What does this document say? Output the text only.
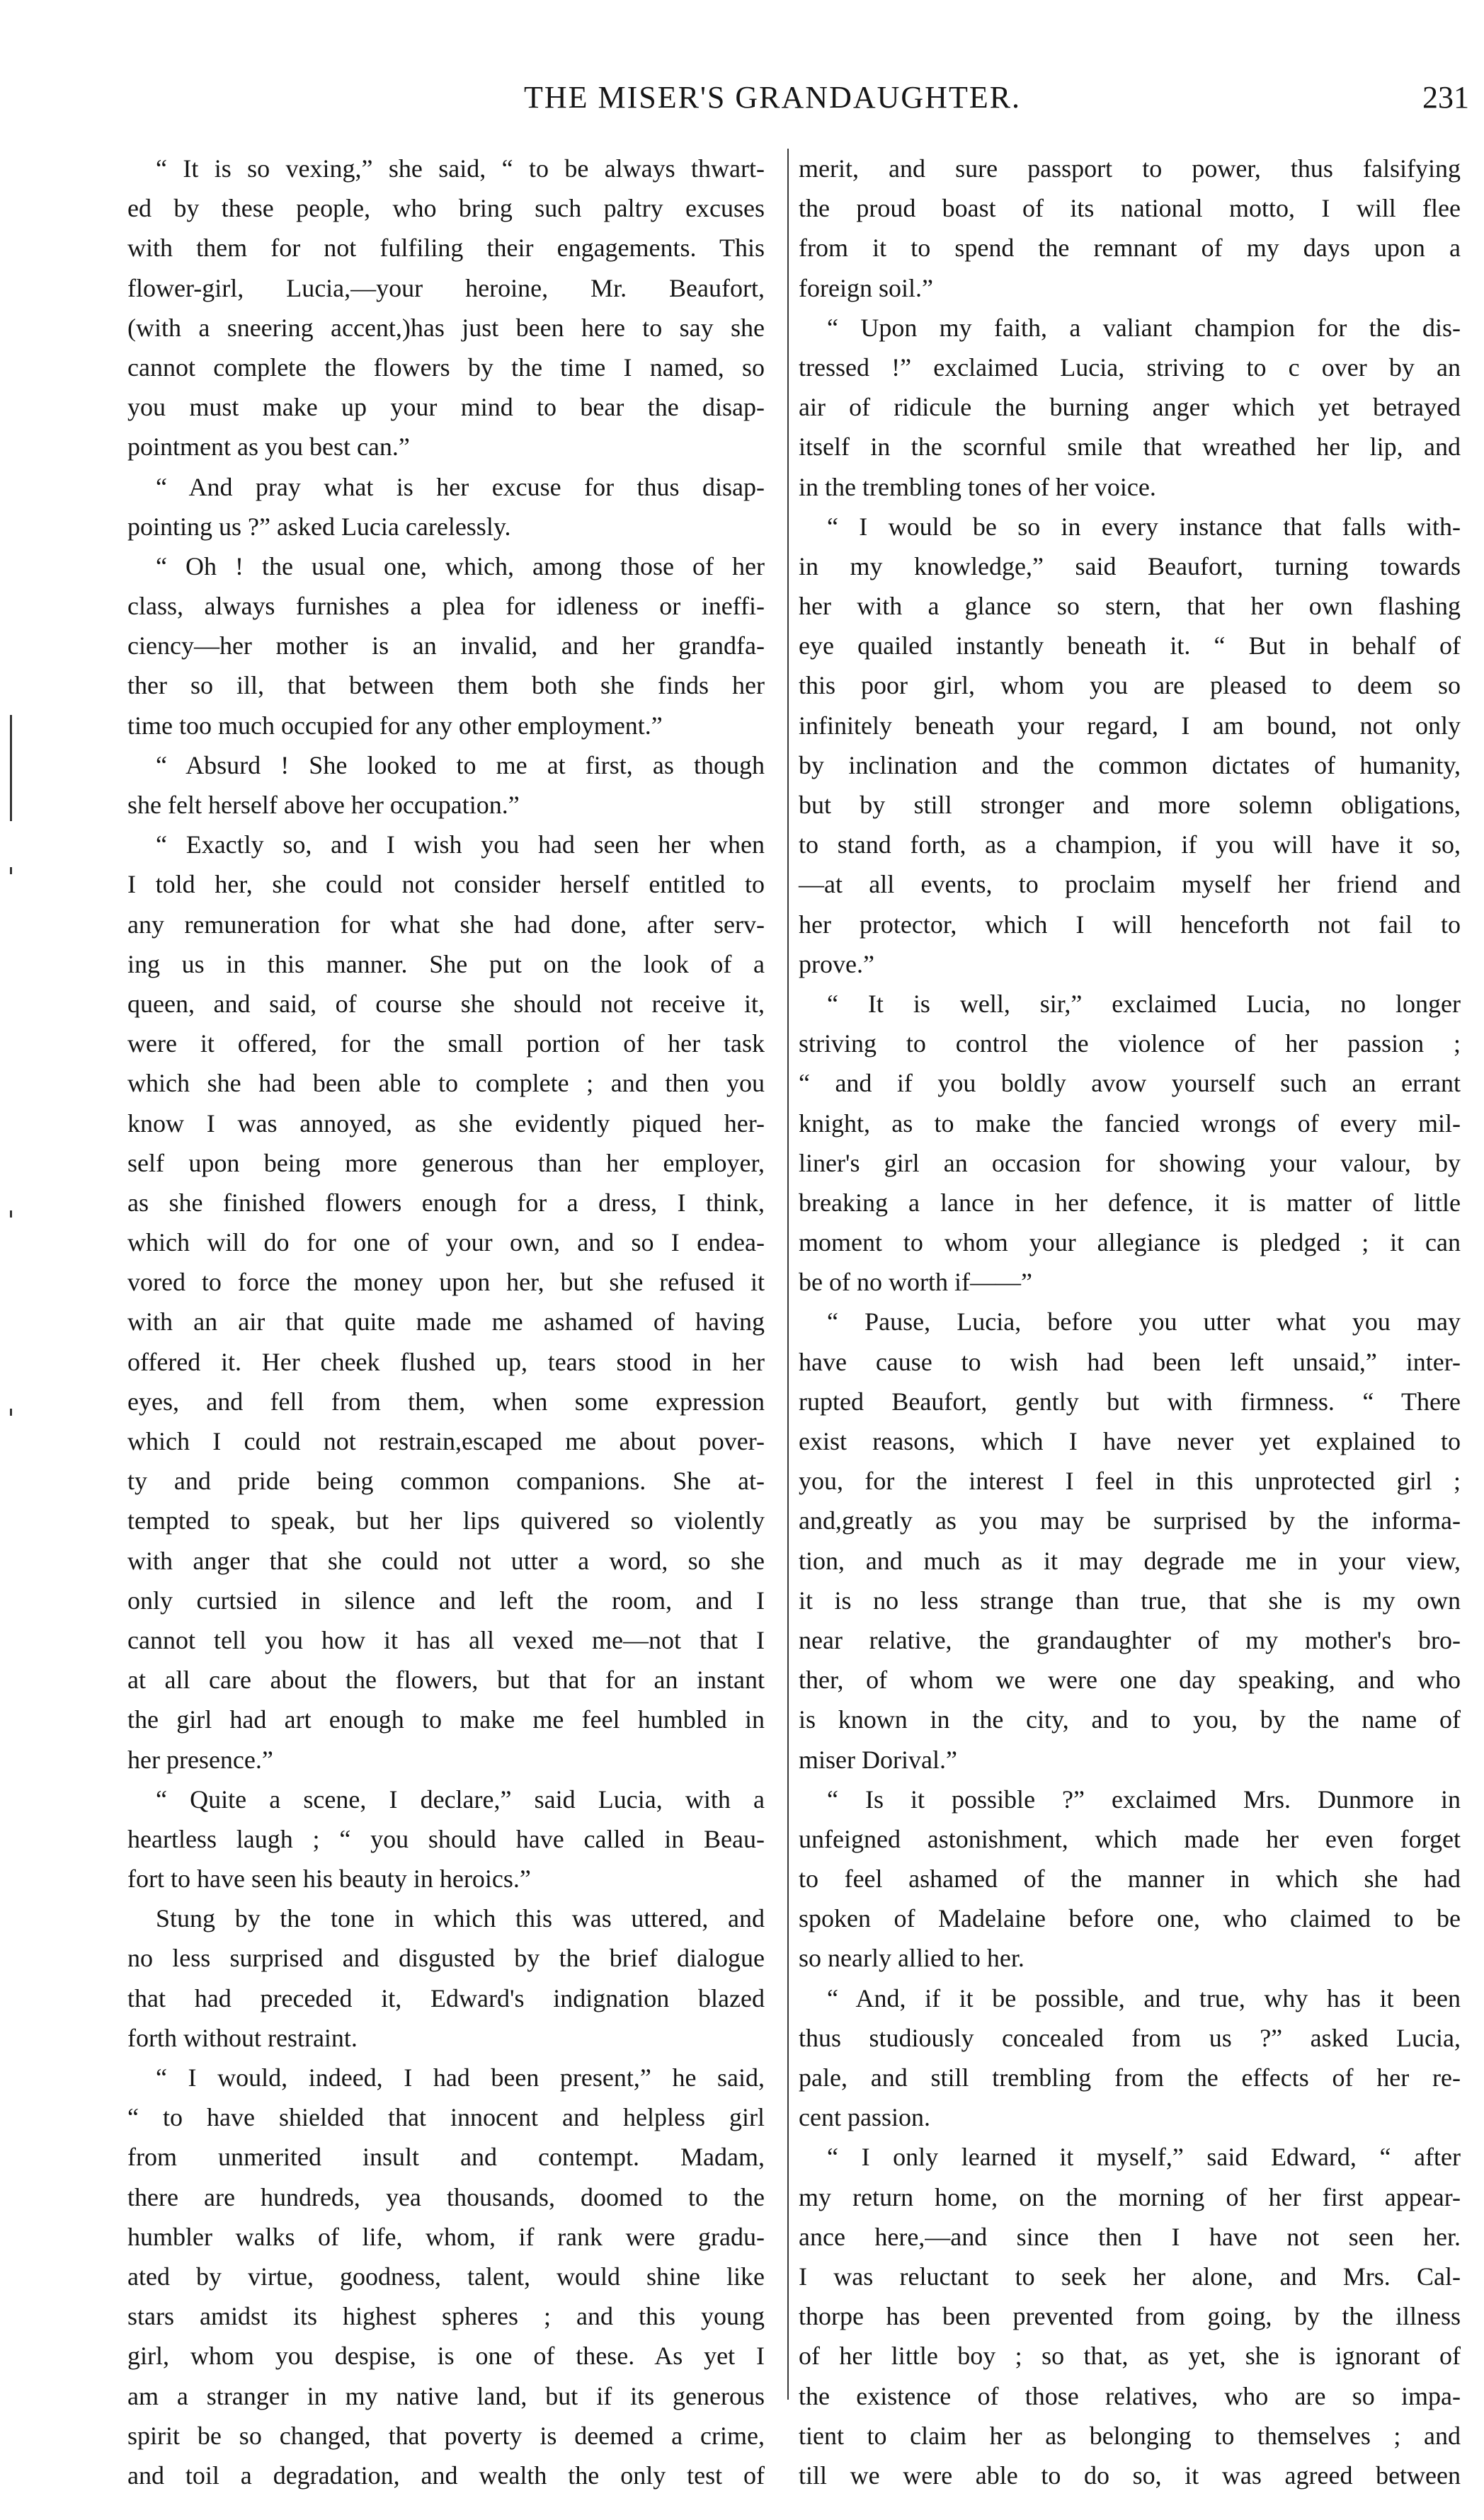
THE MISER'S GRANDAUGHTER.	231
“ It is so vexing,” she said, “ to be always thwart-
ed by these people, who bring such paltry excuses
with them for not fulfiling their engagements. This
flower-girl, Lucia,—your heroine, Mr. Beaufort,
(with a sneering accent,)has just been here to say she
cannot complete the flowers by the time I named, so
you must make up your mind to bear the disap-
pointment as you best can.”
“ And pray what is her excuse for thus disap-
pointing us ?” asked Lucia carelessly.
“ Oh ! the usual one, which, among those of her
class, always furnishes a plea for idleness or ineffi-
ciency—her mother is an invalid, and her grandfa-
ther so ill, that between them both she finds her
time too much occupied for any other employment.”
“ Absurd ! She looked to me at first, as though
she felt herself above her occupation.”
“ Exactly so, and I wish you had seen her when
I told her, she could not consider herself entitled to
any remuneration for what she had done, after serv-
ing us in this manner. She put on the look of a
queen, and said, of course she should not receive it,
were it offered, for the small portion of her task
which she had been able to complete ; and then you
know I was annoyed, as she evidently piqued her-
self upon being more generous than her employer,
as she finished flowers enough for a dress, I think,
which will do for one of your own, and so I endea-
vored to force the money upon her, but she refused it
with an air that quite made me ashamed of having
offered it. Her cheek flushed up, tears stood in her
eyes, and fell from them, when some expression
which I could not restrain,escaped me about pover-
ty and pride being common companions. She at-
tempted to speak, but her lips quivered so violently
with anger that she could not utter a word, so she
only curtsied in silence and left the room, and I
cannot tell you how it has all vexed me—not that I
at all care about the flowers, but that for an instant
the girl had art enough to make me feel humbled in
her presence.”
“ Quite a scene, I declare,” said Lucia, with a
heartless laugh ; “ you should have called in Beau-
fort to have seen his beauty in heroics.”
Stung by the tone in which this was uttered, and
no less surprised and disgusted by the brief dialogue
that had preceded it, Edward's indignation blazed
forth without restraint.
“ I would, indeed, I had been present,” he said,
“ to have shielded that innocent and helpless girl
from unmerited insult and contempt. Madam,
there are hundreds, yea thousands, doomed to the
humbler walks of life, whom, if rank were gradu-
ated by virtue, goodness, talent, would shine like
stars amidst its highest spheres ; and this young
girl, whom you despise, is one of these. As yet I
am a stranger in my native land, but if its generous
spirit be so changed, that poverty is deemed a crime,
and toil a degradation, and wealth the only test of
merit, and sure passport to power, thus falsifying
the proud boast of its national motto, I will flee
from it to spend the remnant of my days upon a
foreign soil.”
“ Upon my faith, a valiant champion for the dis-
tressed !” exclaimed Lucia, striving to c over by an
air of ridicule the burning anger which yet betrayed
itself in the scornful smile that wreathed her lip, and
in the trembling tones of her voice.
“ I would be so in every instance that falls with-
in my knowledge,” said Beaufort, turning towards
her with a glance so stern, that her own flashing
eye quailed instantly beneath it. “ But in behalf of
this poor girl, whom you are pleased to deem so
infinitely beneath your regard, I am bound, not only
by inclination and the common dictates of humanity,
but by still stronger and more solemn obligations,
to stand forth, as a champion, if you will have it so,
—at all events, to proclaim myself her friend and
her protector, which I will henceforth not fail to
prove.”
“ It is well, sir,” exclaimed Lucia, no longer
striving to control the violence of her passion ;
“ and if you boldly avow yourself such an errant
knight, as to make the fancied wrongs of every mil-
liner's girl an occasion for showing your valour, by
breaking a lance in her defence, it is matter of little
moment to whom your allegiance is pledged ; it can
be of no worth if——”
“ Pause, Lucia, before you utter what you may
have cause to wish had been left unsaid,” inter-
rupted Beaufort, gently but with firmness. “ There
exist reasons, which I have never yet explained to
you, for the interest I feel in this unprotected girl ;
and,greatly as you may be surprised by the informa-
tion, and much as it may degrade me in your view,
it is no less strange than true, that she is my own
near relative, the grandaughter of my mother's bro-
ther, of whom we were one day speaking, and who
is known in the city, and to you, by the name of
miser Dorival.”
“ Is it possible ?” exclaimed Mrs. Dunmore in
unfeigned astonishment, which made her even forget
to feel ashamed of the manner in which she had
spoken of Madelaine before one, who claimed to be
so nearly allied to her.
“ And, if it be possible, and true, why has it been
thus studiously concealed from us ?” asked Lucia,
pale, and still trembling from the effects of her re-
cent passion.
“ I only learned it myself,” said Edward, “ after
my return home, on the morning of her first appear-
ance here,—and since then I have not seen her.
I was reluctant to seek her alone, and Mrs. Cal-
thorpe has been prevented from going, by the illness
of her little boy ; so that, as yet, she is ignorant of
the existence of those relatives, who are so impa-
tient to claim her as belonging to themselves ; and
till we were able to do so, it was agreed between
